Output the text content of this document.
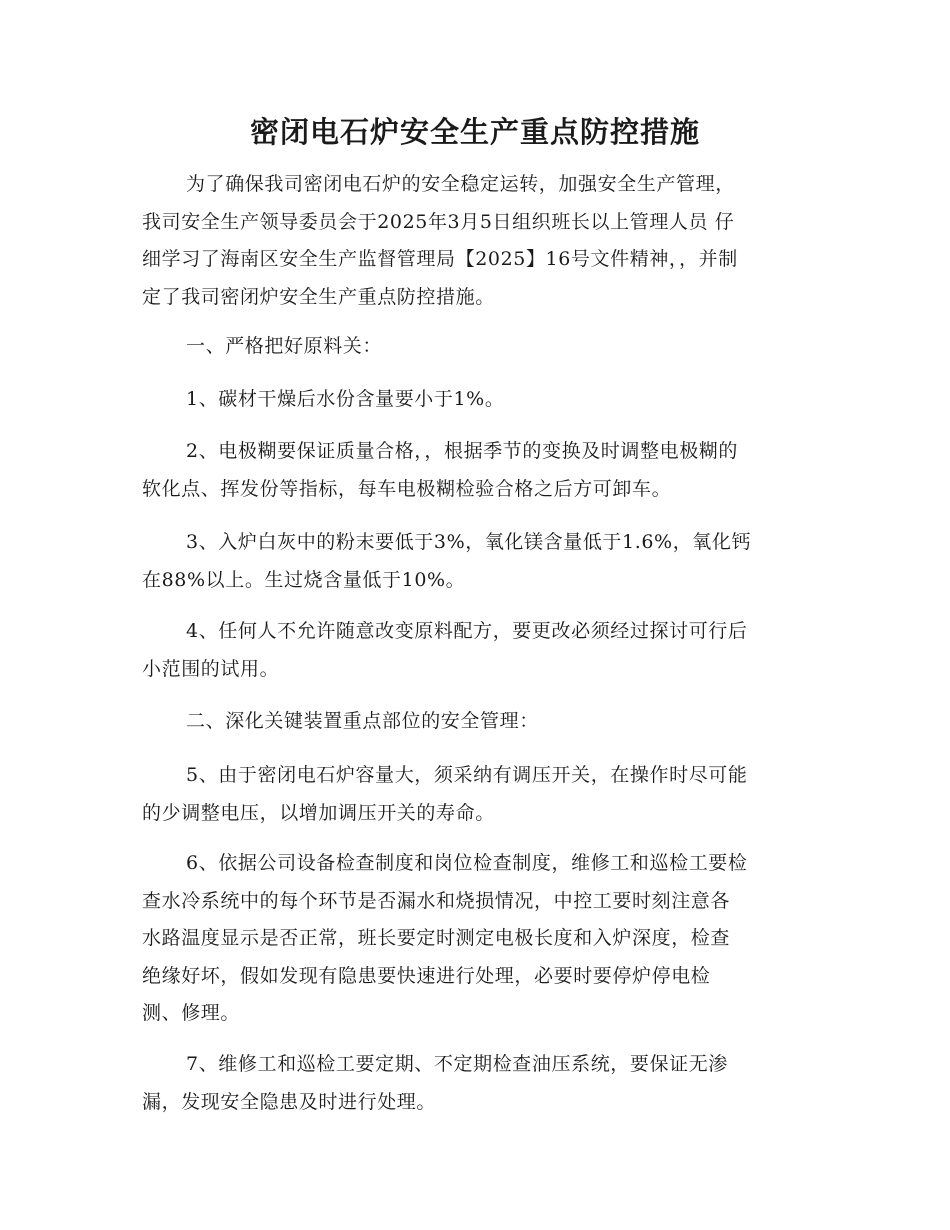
密闭电石炉安全生产重点防控措施
为了确保我司密闭电石炉的安全稳定运转，加强安全生产管理，
我司安全生产领导委员会于2025年3月5日组织班长以上管理人员 仔
细学习了海南区安全生产监督管理局【2025】16号文件精神，，并制
定了我司密闭炉安全生产重点防控措施。
一、严格把好原料关：
1、碳材干燥后水份含量要小于1%。
2、电极糊要保证质量合格，，根据季节的变换及时调整电极糊的
软化点、挥发份等指标，每车电极糊检验合格之后方可卸车。
3、入炉白灰中的粉末要低于3%，氧化镁含量低于1.6%，氧化钙
在88%以上。生过烧含量低于10%。
4、任何人不允许随意改变原料配方，要更改必须经过探讨可行后
小范围的试用。
二、深化关键装置重点部位的安全管理：
5、由于密闭电石炉容量大，须采纳有调压开关，在操作时尽可能
的少调整电压，以增加调压开关的寿命。
6、依据公司设备检查制度和岗位检查制度，维修工和巡检工要检
查水冷系统中的每个环节是否漏水和烧损情况，中控工要时刻注意各
水路温度显示是否正常，班长要定时测定电极长度和入炉深度，检查
绝缘好坏，假如发现有隐患要快速进行处理，必要时要停炉停电检
测、修理。
7、维修工和巡检工要定期、不定期检查油压系统，要保证无渗
漏，发现安全隐患及时进行处理。
